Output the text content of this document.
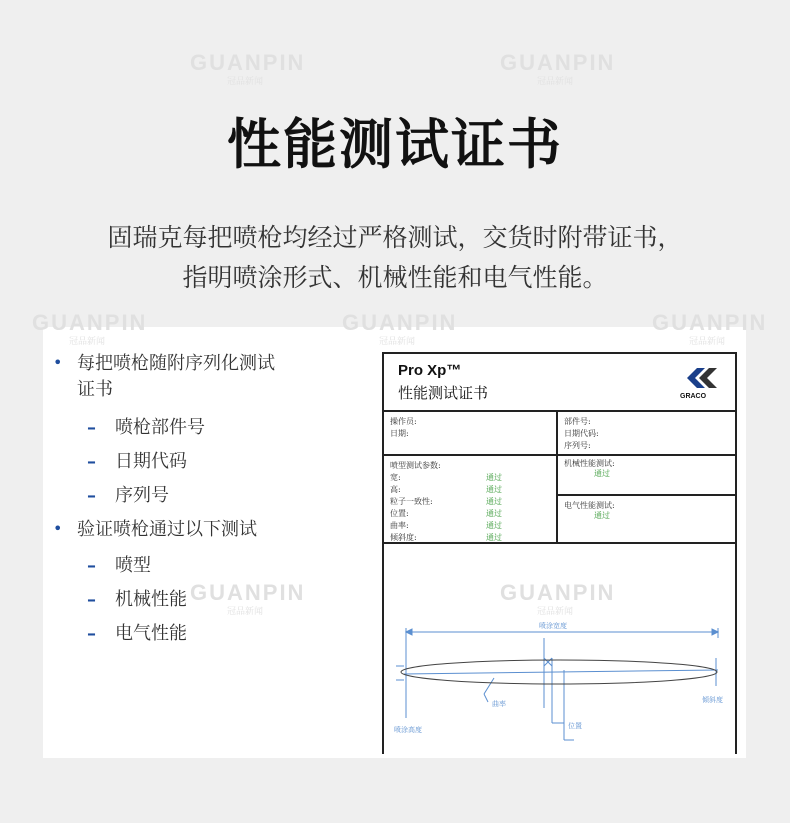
GUANPIN
冠品新闻
GUANPIN
冠品新闻
性能测试证书
固瑞克每把喷枪均经过严格测试，交货时附带证书，
指明喷涂形式、机械性能和电气性能。
• 每把喷枪随附序列化测试
证书
– 喷枪部件号
– 日期代码
– 序列号
• 验证喷枪通过以下测试
– 喷型
– 机械性能
– 电气性能
Pro Xp™
性能测试证书	GRACO
操作员:
日期:
部件号:
日期代码:
序列号:
喷型测试参数:
宽:
高:
粒子一致性:
位置:
曲率:
倾斜度:
通过
通过
通过
通过
通过
通过
机械性能测试:
通过
电气性能测试:
通过
喷涂宽度
倾斜度
曲率
喷涂高度	位置
GUANPIN
冠品新闻
GUANPIN
冠品新闻
GUANPIN
冠品新闻
GUANPIN
冠品新闻
GUANPIN
冠品新闻
